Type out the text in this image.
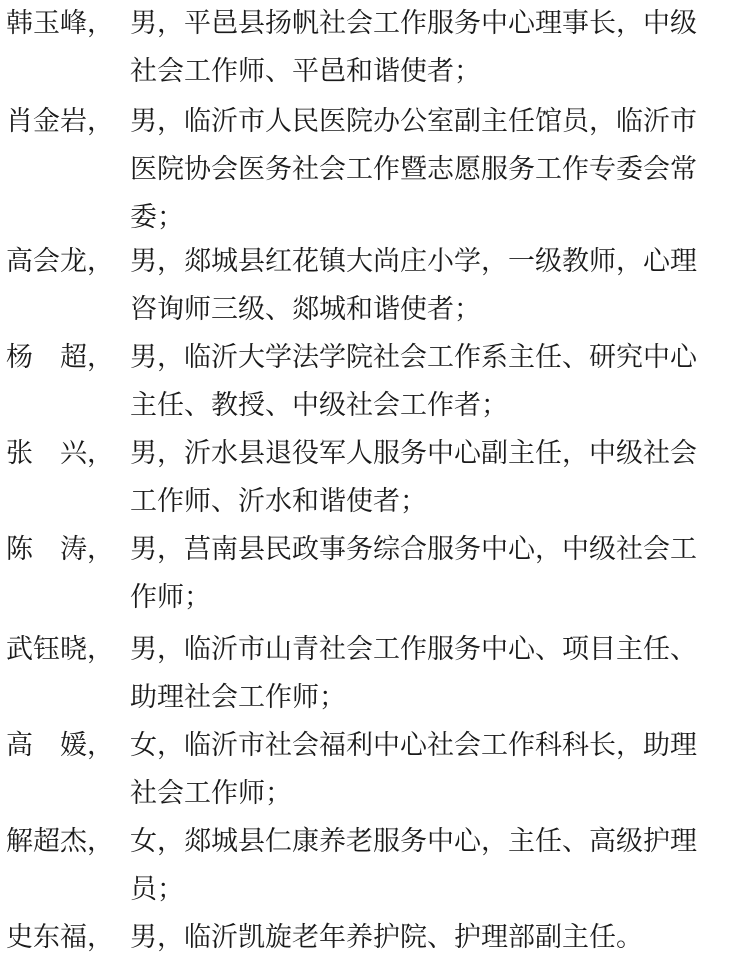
韩玉峰， 男，平邑县扬帆社会工作服务中心理事长，中级
社会工作师、平邑和谐使者；
肖金岩， 男，临沂市人民医院办公室副主任馆员，临沂市
医院协会医务社会工作暨志愿服务工作专委会常
委；
高会龙， 男，郯城县红花镇大尚庄小学，一级教师，心理
咨询师三级、郯城和谐使者；
杨　超， 男，临沂大学法学院社会工作系主任、研究中心
主任、教授、中级社会工作者；
张　兴， 男，沂水县退役军人服务中心副主任，中级社会
工作师、沂水和谐使者；
陈　涛， 男，莒南县民政事务综合服务中心，中级社会工
作师；
武钰晓， 男，临沂市山青社会工作服务中心、项目主任、
助理社会工作师；
高　媛， 女，临沂市社会福利中心社会工作科科长，助理
社会工作师；
解超杰， 女，郯城县仁康养老服务中心，主任、高级护理
员；
史东福， 男，临沂凯旋老年养护院、护理部副主任。
